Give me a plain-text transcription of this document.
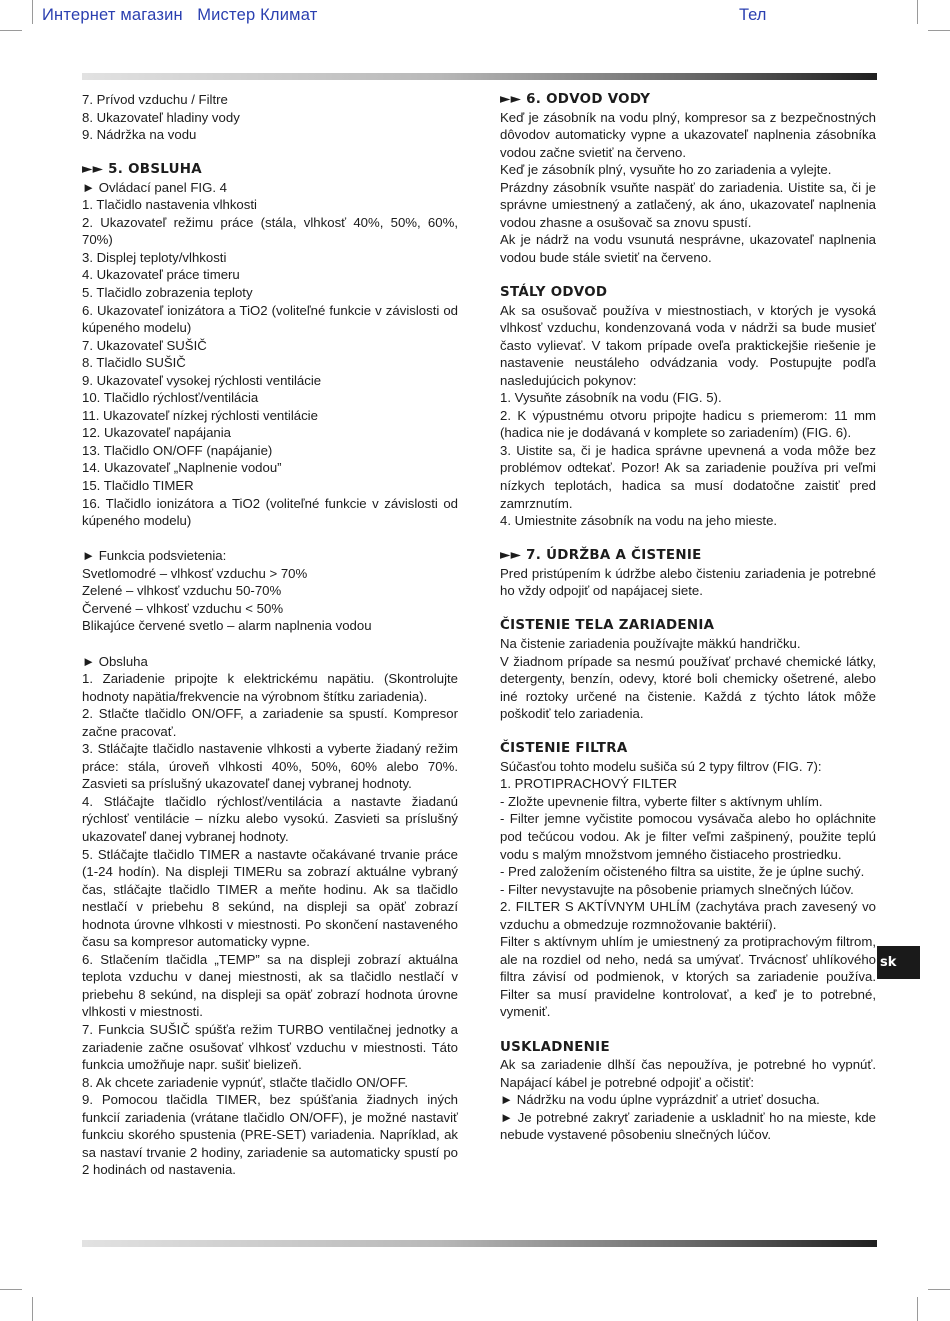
Интернет магазин   Мистер Климат	Тел

7. Prívod vzduchu / Filtre

8. Ukazovateľ hladiny vody

9. Nádržka na vodu

►► 5. OBSLUHA

► Ovládací panel FIG. 4

1. Tlačidlo nastavenia vlhkosti

2. Ukazovateľ režimu práce (stála, vlhkosť 40%, 50%, 60%, 70%)

3. Displej teploty/vlhkosti

4. Ukazovateľ práce timeru

5. Tlačidlo zobrazenia teploty

6. Ukazovateľ ionizátora a TiO2 (voliteľné funkcie v závislosti od kúpeného modelu)

7. Ukazovateľ SUŠIČ

8. Tlačidlo SUŠIČ

9. Ukazovateľ vysokej rýchlosti ventilácie

10. Tlačidlo rýchlosť/ventilácia

11. Ukazovateľ nízkej rýchlosti ventilácie

12. Ukazovateľ napájania

13. Tlačidlo ON/OFF (napájanie)

14. Ukazovateľ „Naplnenie vodou”

15. Tlačidlo TIMER

16. Tlačidlo ionizátora a TiO2 (voliteľné funkcie v závislosti od kúpeného modelu)

► Funkcia podsvietenia:

Svetlomodré – vlhkosť vzduchu > 70%

Zelené – vlhkosť vzduchu 50-70%

Červené – vlhkosť vzduchu < 50%

Blikajúce červené svetlo – alarm naplnenia vodou

► Obsluha

1. Zariadenie pripojte k elektrickému napätiu. (Skontrolujte hodnoty napätia/frekvencie na výrobnom štítku zariadenia).

2. Stlačte tlačidlo ON/OFF, a zariadenie sa spustí. Kompresor začne pracovať.

3. Stláčajte tlačidlo nastavenie vlhkosti a vyberte žiadaný režim práce: stála, úroveň vlhkosti 40%, 50%, 60% alebo 70%. Zasvieti sa príslušný ukazovateľ danej vybranej hodnoty.

4. Stláčajte tlačidlo rýchlosť/ventilácia a nastavte žiadanú rýchlosť ventilácie – nízku alebo vysokú. Zasvieti sa príslušný ukazovateľ danej vybranej hodnoty.

5. Stláčajte tlačidlo TIMER a nastavte očakávané trvanie práce (1-24 hodín). Na displeji TIMERu sa zobrazí aktuálne vybraný čas, stláčajte tlačidlo TIMER a meňte hodinu. Ak sa tlačidlo nestlačí v priebehu 8 sekúnd, na displeji sa opäť zobrazí hodnota úrovne vlhkosti v miestnosti. Po skončení nastaveného času sa kompresor automaticky vypne.

6. Stlačením tlačidla „TEMP” sa na displeji zobrazí aktuálna teplota vzduchu v danej miestnosti, ak sa tlačidlo nestlačí v priebehu 8 sekúnd, na displeji sa opäť zobrazí hodnota úrovne vlhkosti v miestnosti.

7. Funkcia SUŠIČ spúšťa režim TURBO ventilačnej jednotky a zariadenie začne osušovať vlhkosť vzduchu v miestnosti. Táto funkcia umožňuje napr. sušiť bielizeň.

8. Ak chcete zariadenie vypnúť, stlačte tlačidlo ON/OFF.

9. Pomocou tlačidla TIMER, bez spúšťania žiadnych iných funkcií zariadenia (vrátane tlačidlo ON/OFF), je možné nastaviť funkciu skorého spustenia (PRE-SET) variadenia. Napríklad, ak sa nastaví trvanie 2 hodiny, zariadenie sa automaticky spustí po 2 hodinách od nastavenia.

►► 6. ODVOD VODY

Keď je zásobník na vodu plný, kompresor sa z bezpečnostných dôvodov automaticky vypne a ukazovateľ naplnenia zásobníka vodou začne svietiť na červeno.

Keď je zásobník plný, vysuňte ho zo zariadenia a vylejte.

Prázdny zásobník vsuňte naspäť do zariadenia. Uistite sa, či je správne umiestnený a zatlačený, ak áno, ukazovateľ naplnenia vodou zhasne a osušovač sa znovu spustí.

Ak je nádrž na vodu vsunutá nesprávne, ukazovateľ naplnenia vodou bude stále svietiť na červeno.

STÁLY ODVOD

Ak sa osušovač používa v miestnostiach, v ktorých je vysoká vlhkosť vzduchu, kondenzovaná voda v nádrži sa bude musieť často vylievať. V takom prípade oveľa praktickejšie riešenie je nastavenie neustáleho odvádzania vody. Postupujte podľa nasledujúcich pokynov:

1. Vysuňte zásobník na vodu (FIG. 5).

2. K výpustnému otvoru pripojte hadicu s priemerom: 11 mm (hadica nie je dodávaná v komplete so zariadením) (FIG. 6).

3. Uistite sa, či je hadica správne upevnená a voda môže bez problémov odtekať. Pozor! Ak sa zariadenie používa pri veľmi nízkych teplotách, hadica sa musí dodatočne zaistiť pred zamrznutím.

4. Umiestnite zásobník na vodu na jeho mieste.

►► 7. ÚDRŽBA A ČISTENIE

Pred pristúpením k údržbe alebo čisteniu zariadenia je potrebné ho vždy odpojiť od napájacej siete.

ČISTENIE TELA ZARIADENIA

Na čistenie zariadenia používajte mäkkú handričku.

V žiadnom prípade sa nesmú používať prchavé chemické látky, detergenty, benzín, odevy, ktoré boli chemicky ošetrené, alebo iné roztoky určené na čistenie. Každá z týchto látok môže poškodiť telo zariadenia.

ČISTENIE FILTRA

Súčasťou tohto modelu sušiča sú 2 typy filtrov (FIG. 7):

1. PROTIPRACHOVÝ FILTER

- Zložte upevnenie filtra, vyberte filter s aktívnym uhlím.

- Filter jemne vyčistite pomocou vysávača alebo ho opláchnite pod tečúcou vodou. Ak je filter veľmi zašpinený, použite teplú vodu s malým množstvom jemného čistiaceho prostriedku.

- Pred založením očisteného filtra sa uistite, že je úplne suchý.

- Filter nevystavujte na pôsobenie priamych slnečných lúčov.

2. FILTER S AKTÍVNYM UHLÍM (zachytáva prach zavesený vo vzduchu a obmedzuje rozmnožovanie baktérií).

Filter s aktívnym uhlím je umiestnený za protiprachovým filtrom, ale na rozdiel od neho, nedá sa umývať. Trvácnosť uhlíkového filtra závisí od podmienok, v ktorých sa zariadenie používa. Filter sa musí pravidelne kontrolovať, a keď je to potrebné, vymeniť.

USKLADNENIE

Ak sa zariadenie dlhší čas nepoužíva, je potrebné ho vypnúť. Napájací kábel je potrebné odpojiť a očistiť:

► Nádržku na vodu úplne vyprázdniť a utrieť dosucha.

► Je potrebné zakryť zariadenie a uskladniť ho na mieste, kde nebude vystavené pôsobeniu slnečných lúčov.

sk
